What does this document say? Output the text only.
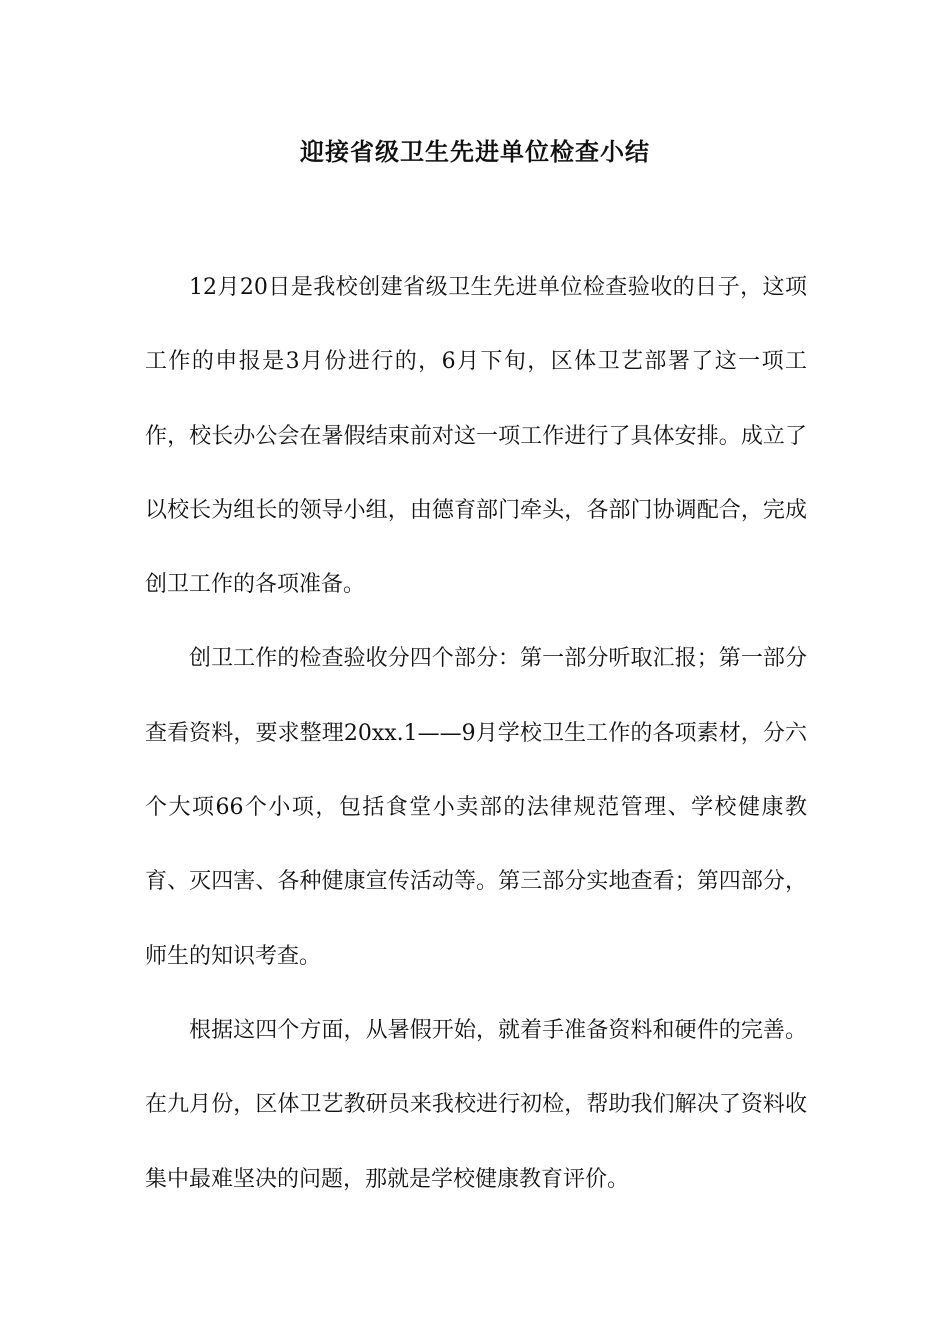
迎接省级卫生先进单位检查小结

12月20日是我校创建省级卫生先进单位检查验收的日子，这项工作的申报是3月份进行的，6月下旬，区体卫艺部署了这一项工作，校长办公会在暑假结束前对这一项工作进行了具体安排。成立了以校长为组长的领导小组，由德育部门牵头，各部门协调配合，完成创卫工作的各项准备。

创卫工作的检查验收分四个部分：第一部分听取汇报；第一部分查看资料，要求整理20xx.1——9月学校卫生工作的各项素材，分六个大项66个小项，包括食堂小卖部的法律规范管理、学校健康教育、灭四害、各种健康宣传活动等。第三部分实地查看；第四部分，师生的知识考查。

根据这四个方面，从暑假开始，就着手准备资料和硬件的完善。在九月份，区体卫艺教研员来我校进行初检，帮助我们解决了资料收集中最难坚决的问题，那就是学校健康教育评价。
